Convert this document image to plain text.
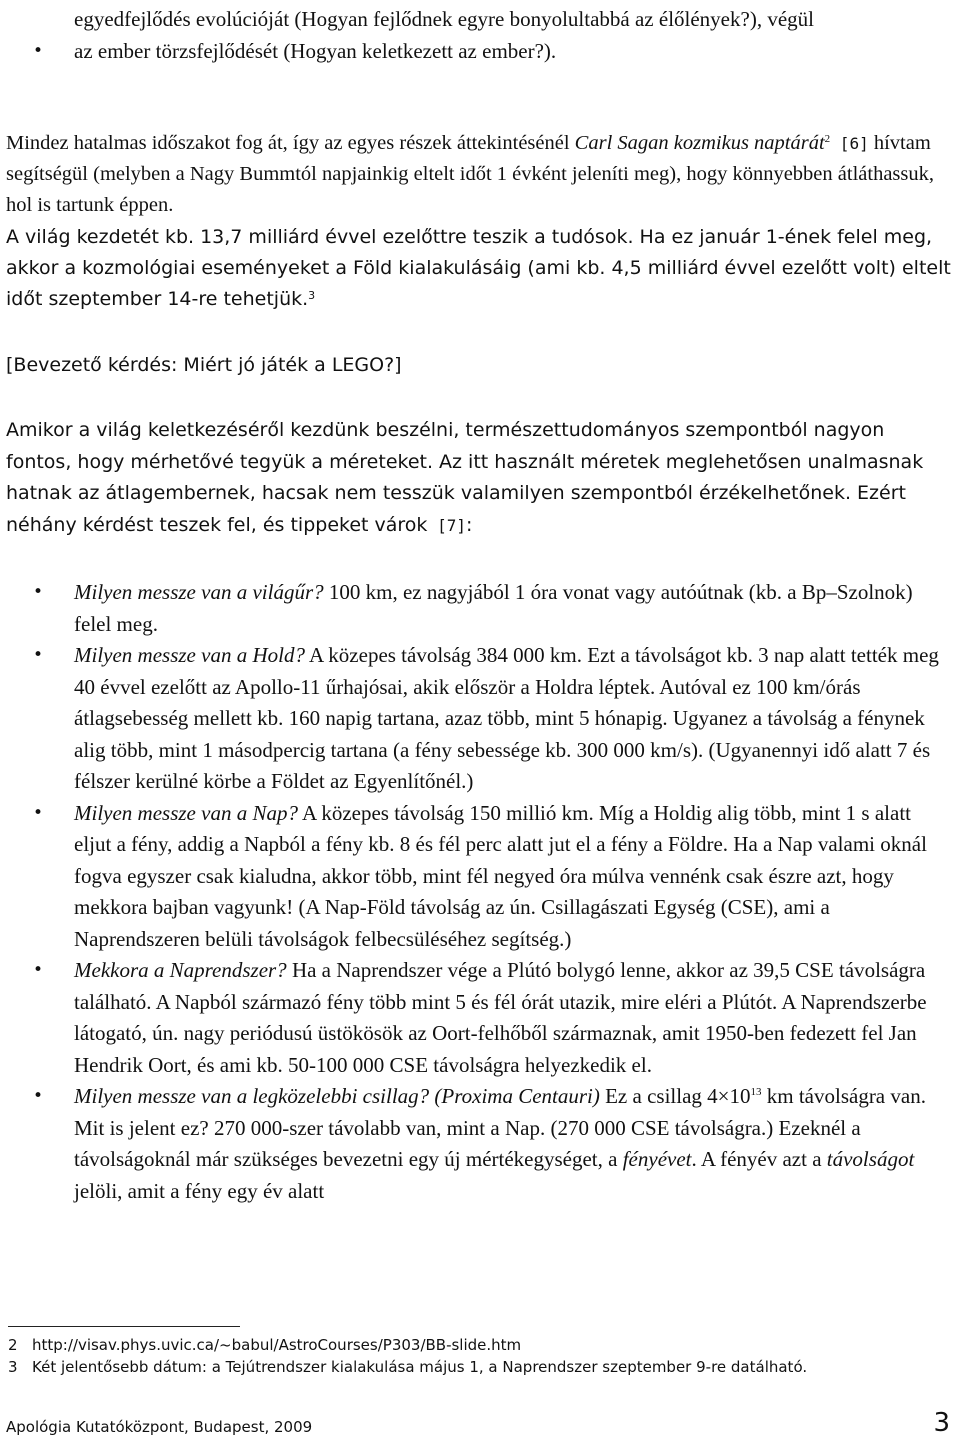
egyedfejlődés evolúcióját (Hogyan fejlődnek egyre bonyolultabbá az élőlények?), végül
• az ember törzsfejlődését (Hogyan keletkezett az ember?).

Mindez hatalmas időszakot fog át, így az egyes részek áttekintésénél Carl Sagan kozmikus naptárát$^2$ [6] hívtam segítségül (melyben a Nagy Bummtól napjainkig eltelt időt 1 évként jeleníti meg), hogy könnyebben átláthassuk, hol is tartunk éppen.

A világ kezdetét kb. 13,7 milliárd évvel ezelőttre teszik a tudósok. Ha ez január 1-ének felel meg, akkor a kozmológiai eseményeket a Föld kialakulásáig (ami kb. 4,5 milliárd évvel ezelőtt volt) eltelt időt szeptember 14-re tehetjük.$^3$

[Bevezető kérdés: Miért jó játék a LEGO?]

Amikor a világ keletkezéséről kezdünk beszélni, természettudományos szempontból nagyon fontos, hogy mérhetővé tegyük a méreteket. Az itt használt méretek meglehetősen unalmasnak hatnak az átlagembernek, hacsak nem tesszük valamilyen szempontból érzékelhetőnek. Ezért néhány kérdést teszek fel, és tippeket várok [7]:

• Milyen messze van a világűr? 100 km, ez nagyjából 1 óra vonat vagy autóútnak (kb. a Bp–Szolnok) felel meg.
• Milyen messze van a Hold? A közepes távolság 384 000 km. Ezt a távolságot kb. 3 nap alatt tették meg 40 évvel ezelőtt az Apollo-11 űrhajósai, akik először a Holdra léptek. Autóval ez 100 km/órás átlagsebesség mellett kb. 160 napig tartana, azaz több, mint 5 hónapig. Ugyanez a távolság a fénynek alig több, mint 1 másodpercig tartana (a fény sebessége kb. 300 000 km/s). (Ugyanennyi idő alatt 7 és félszer kerülné körbe a Földet az Egyenlítőnél.)
• Milyen messze van a Nap? A közepes távolság 150 millió km. Míg a Holdig alig több, mint 1 s alatt eljut a fény, addig a Napból a fény kb. 8 és fél perc alatt jut el a fény a Földre. Ha a Nap valami oknál fogva egyszer csak kialudna, akkor több, mint fél negyed óra múlva vennénk csak észre azt, hogy mekkora bajban vagyunk! (A Nap-Föld távolság az ún. Csillagászati Egység (CSE), ami a Naprendszeren belüli távolságok felbecsüléséhez segítség.)
• Mekkora a Naprendszer? Ha a Naprendszer vége a Plútó bolygó lenne, akkor az 39,5 CSE távolságra található. A Napból származó fény több mint 5 és fél órát utazik, mire eléri a Plútót. A Naprendszerbe látogató, ún. nagy periódusú üstökösök az Oort-felhőből származnak, amit 1950-ben fedezett fel Jan Hendrik Oort, és ami kb. 50-100 000 CSE távolságra helyezkedik el.
• Milyen messze van a legközelebbi csillag? (Proxima Centauri) Ez a csillag $4\times 10^{13}$ km távolságra van. Mit is jelent ez? 270 000-szer távolabb van, mint a Nap. (270 000 CSE távolságra.) Ezeknél a távolságoknál már szükséges bevezetni egy új mértékegységet, a fényévet. A fényév azt a távolságot jelöli, amit a fény egy év alatt
2 http://visav.phys.uvic.ca/~babul/AstroCourses/P303/BB-slide.htm
3 Két jelentősebb dátum: a Tejútrendszer kialakulása május 1, a Naprendszer szeptember 9-re datálható.
Apológia Kutatóközpont, Budapest, 2009	3
